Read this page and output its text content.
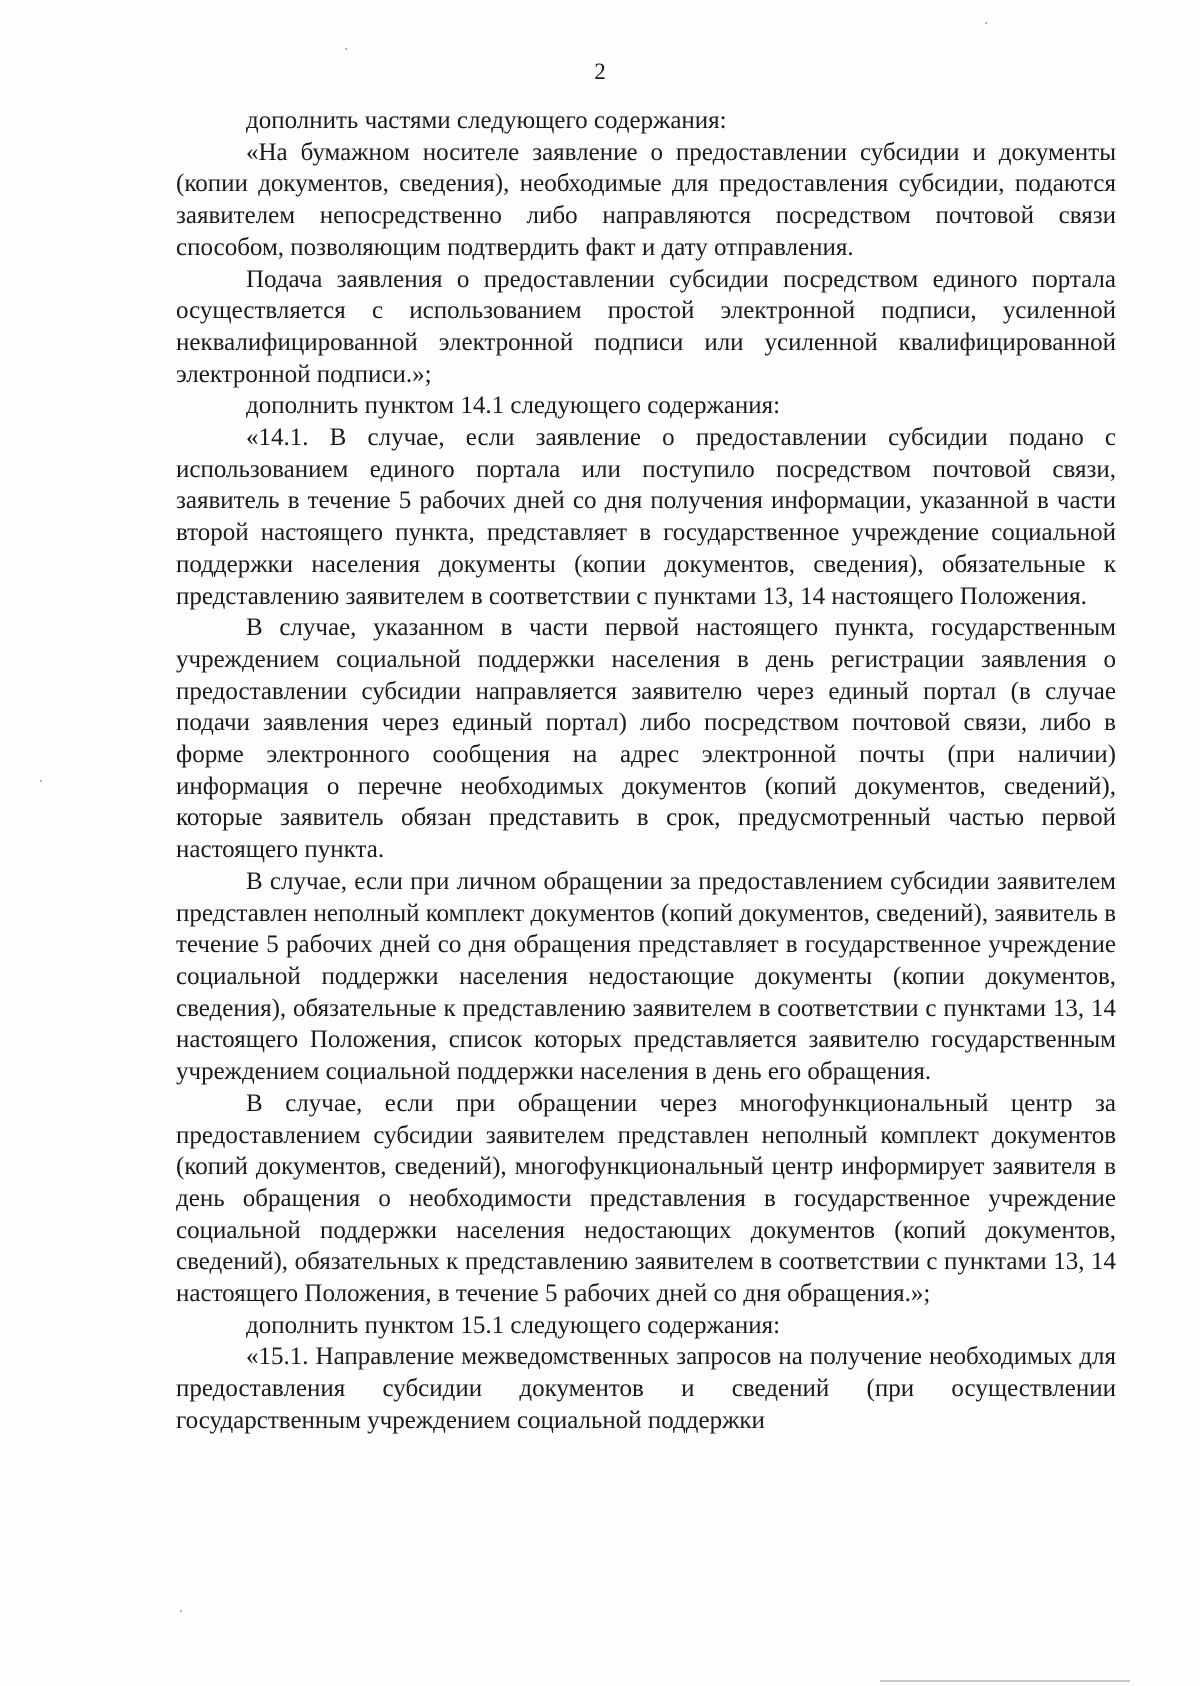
2

дополнить частями следующего содержания:

«На бумажном носителе заявление о предоставлении субсидии и документы (копии документов, сведения), необходимые для предоставления субсидии, подаются заявителем непосредственно либо направляются посредством почтовой связи способом, позволяющим подтвердить факт и дату отправления.

Подача заявления о предоставлении субсидии посредством единого портала осуществляется с использованием простой электронной подписи, усиленной неквалифицированной электронной подписи или усиленной квалифицированной электронной подписи.»;

дополнить пунктом 14.1 следующего содержания:

«14.1. В случае, если заявление о предоставлении субсидии подано с использованием единого портала или поступило посредством почтовой связи, заявитель в течение 5 рабочих дней со дня получения информации, указанной в части второй настоящего пункта, представляет в государственное учреждение социальной поддержки населения документы (копии документов, сведения), обязательные к представлению заявителем в соответствии с пунктами 13, 14 настоящего Положения.

В случае, указанном в части первой настоящего пункта, государственным учреждением социальной поддержки населения в день регистрации заявления о предоставлении субсидии направляется заявителю через единый портал (в случае подачи заявления через единый портал) либо посредством почтовой связи, либо в форме электронного сообщения на адрес электронной почты (при наличии) информация о перечне необходимых документов (копий документов, сведений), которые заявитель обязан представить в срок, предусмотренный частью первой настоящего пункта.

В случае, если при личном обращении за предоставлением субсидии заявителем представлен неполный комплект документов (копий документов, сведений), заявитель в течение 5 рабочих дней со дня обращения представляет в государственное учреждение социальной поддержки населения недостающие документы (копии документов, сведения), обязательные к представлению заявителем в соответствии с пунктами 13, 14 настоящего Положения, список которых представляется заявителю государственным учреждением социальной поддержки населения в день его обращения.

В случае, если при обращении через многофункциональный центр за предоставлением субсидии заявителем представлен неполный комплект документов (копий документов, сведений), многофункциональный центр информирует заявителя в день обращения о необходимости представления в государственное учреждение социальной поддержки населения недостающих документов (копий документов, сведений), обязательных к представлению заявителем в соответствии с пунктами 13, 14 настоящего Положения, в течение 5 рабочих дней со дня обращения.»;

дополнить пунктом 15.1 следующего содержания:

«15.1. Направление межведомственных запросов на получение необходимых для предоставления субсидии документов и сведений (при осуществлении государственным учреждением социальной поддержки
